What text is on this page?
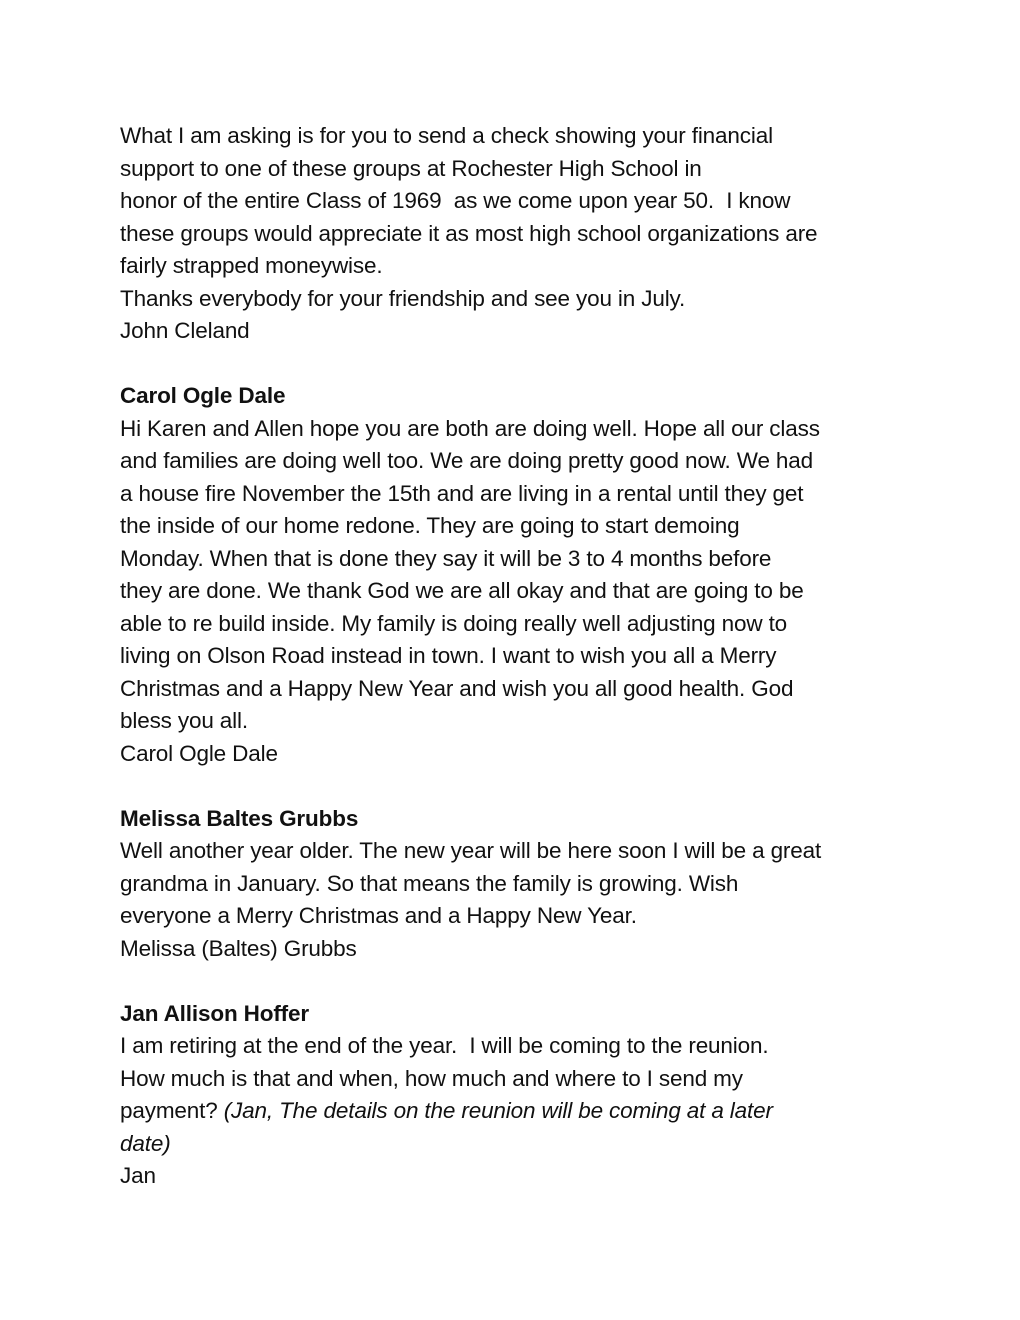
What I am asking is for you to send a check showing your financial
support to one of these groups at Rochester High School in
honor of the entire Class of 1969  as we come upon year 50.  I know
these groups would appreciate it as most high school organizations are
fairly strapped moneywise.
Thanks everybody for your friendship and see you in July.
John Cleland
Carol Ogle Dale
Hi Karen and Allen hope you are both are doing well. Hope all our class
and families are doing well too. We are doing pretty good now. We had
a house fire November the 15th and are living in a rental until they get
the inside of our home redone. They are going to start demoing
Monday. When that is done they say it will be 3 to 4 months before
they are done. We thank God we are all okay and that are going to be
able to re build inside. My family is doing really well adjusting now to
living on Olson Road instead in town. I want to wish you all a Merry
Christmas and a Happy New Year and wish you all good health. God
bless you all.
Carol Ogle Dale
Melissa Baltes Grubbs
Well another year older. The new year will be here soon I will be a great
grandma in January. So that means the family is growing. Wish
everyone a Merry Christmas and a Happy New Year.
Melissa (Baltes) Grubbs
Jan Allison Hoffer
I am retiring at the end of the year.  I will be coming to the reunion.
How much is that and when, how much and where to I send my
payment? (Jan, The details on the reunion will be coming at a later
date)
Jan
